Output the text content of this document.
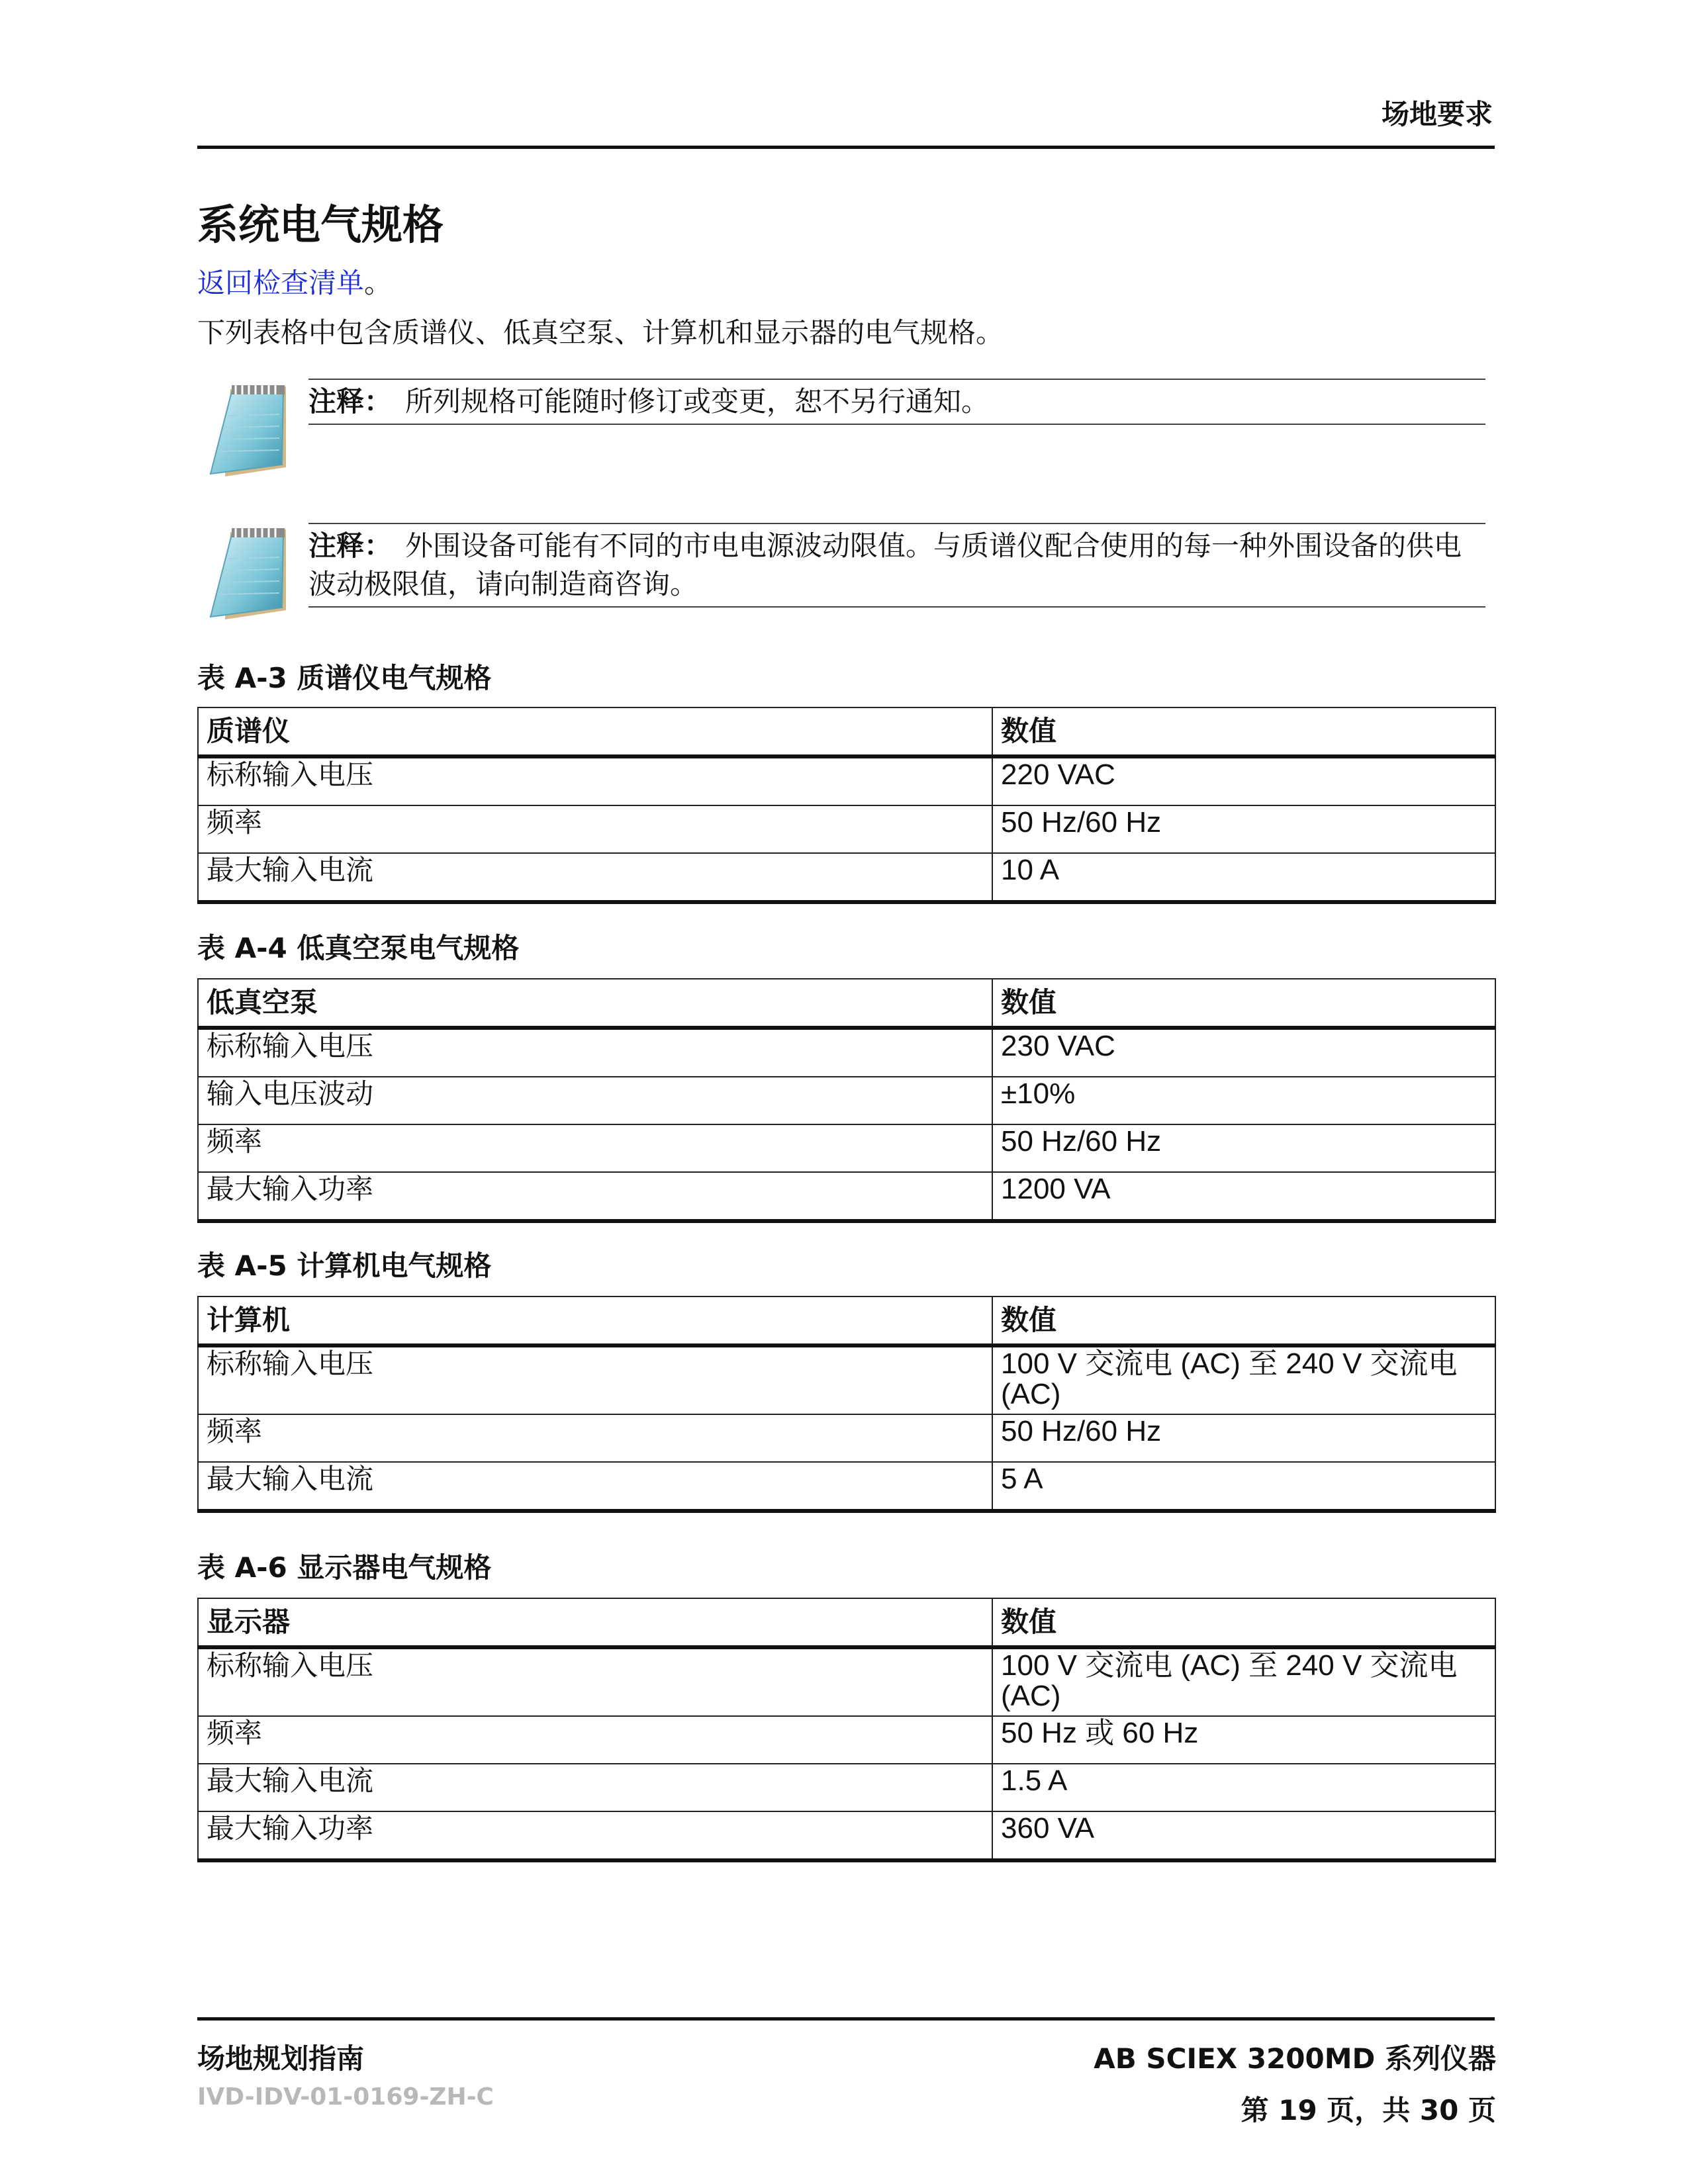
场地要求
系统电气规格
返回检查清单。
下列表格中包含质谱仪、低真空泵、计算机和显示器的电气规格。
注释： 所列规格可能随时修订或变更，恕不另行通知。
注释： 外围设备可能有不同的市电电源波动限值。与质谱仪配合使用的每一种外围设备的供电波动极限值，请向制造商咨询。
表 A-3 质谱仪电气规格
质谱仪	数值
标称输入电压	220 VAC
频率	50 Hz/60 Hz
最大输入电流	10 A
表 A-4 低真空泵电气规格
低真空泵	数值
标称输入电压	230 VAC
输入电压波动	±10%
频率	50 Hz/60 Hz
最大输入功率	1200 VA
表 A-5 计算机电气规格
计算机	数值
标称输入电压	100 V 交流电 (AC) 至 240 V 交流电 (AC)
频率	50 Hz/60 Hz
最大输入电流	5 A
表 A-6 显示器电气规格
显示器	数值
标称输入电压	100 V 交流电 (AC) 至 240 V 交流电 (AC)
频率	50 Hz 或 60 Hz
最大输入电流	1.5 A
最大输入功率	360 VA
场地规划指南
IVD-IDV-01-0169-ZH-C
AB SCIEX 3200MD 系列仪器
第 19 页，共 30 页
